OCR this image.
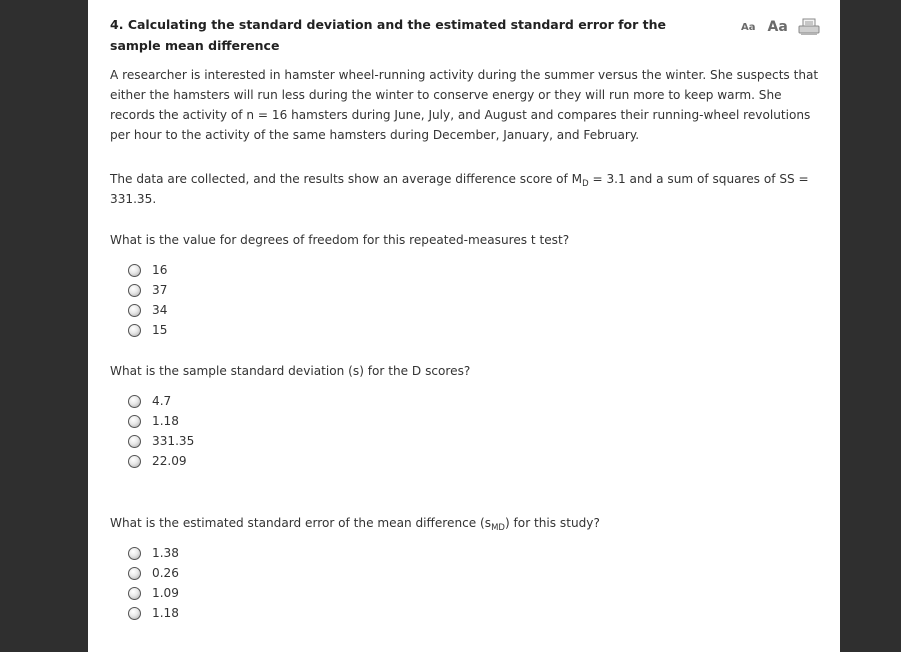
4. Calculating the standard deviation and the estimated standard error for the sample mean difference
Aa Aa

A researcher is interested in hamster wheel-running activity during the summer versus the winter. She suspects that either the hamsters will run less during the winter to conserve energy or they will run more to keep warm. She records the activity of n = 16 hamsters during June, July, and August and compares their running-wheel revolutions per hour to the activity of the same hamsters during December, January, and February.

The data are collected, and the results show an average difference score of $M_D = 3.1$ and a sum of squares of SS = 331.35.

What is the value for degrees of freedom for this repeated-measures t test?

16
37
34
15

What is the sample standard deviation (s) for the D scores?

4.7
1.18
331.35
22.09

What is the estimated standard error of the mean difference $(s_{MD})$ for this study?

1.38
0.26
1.09
1.18
